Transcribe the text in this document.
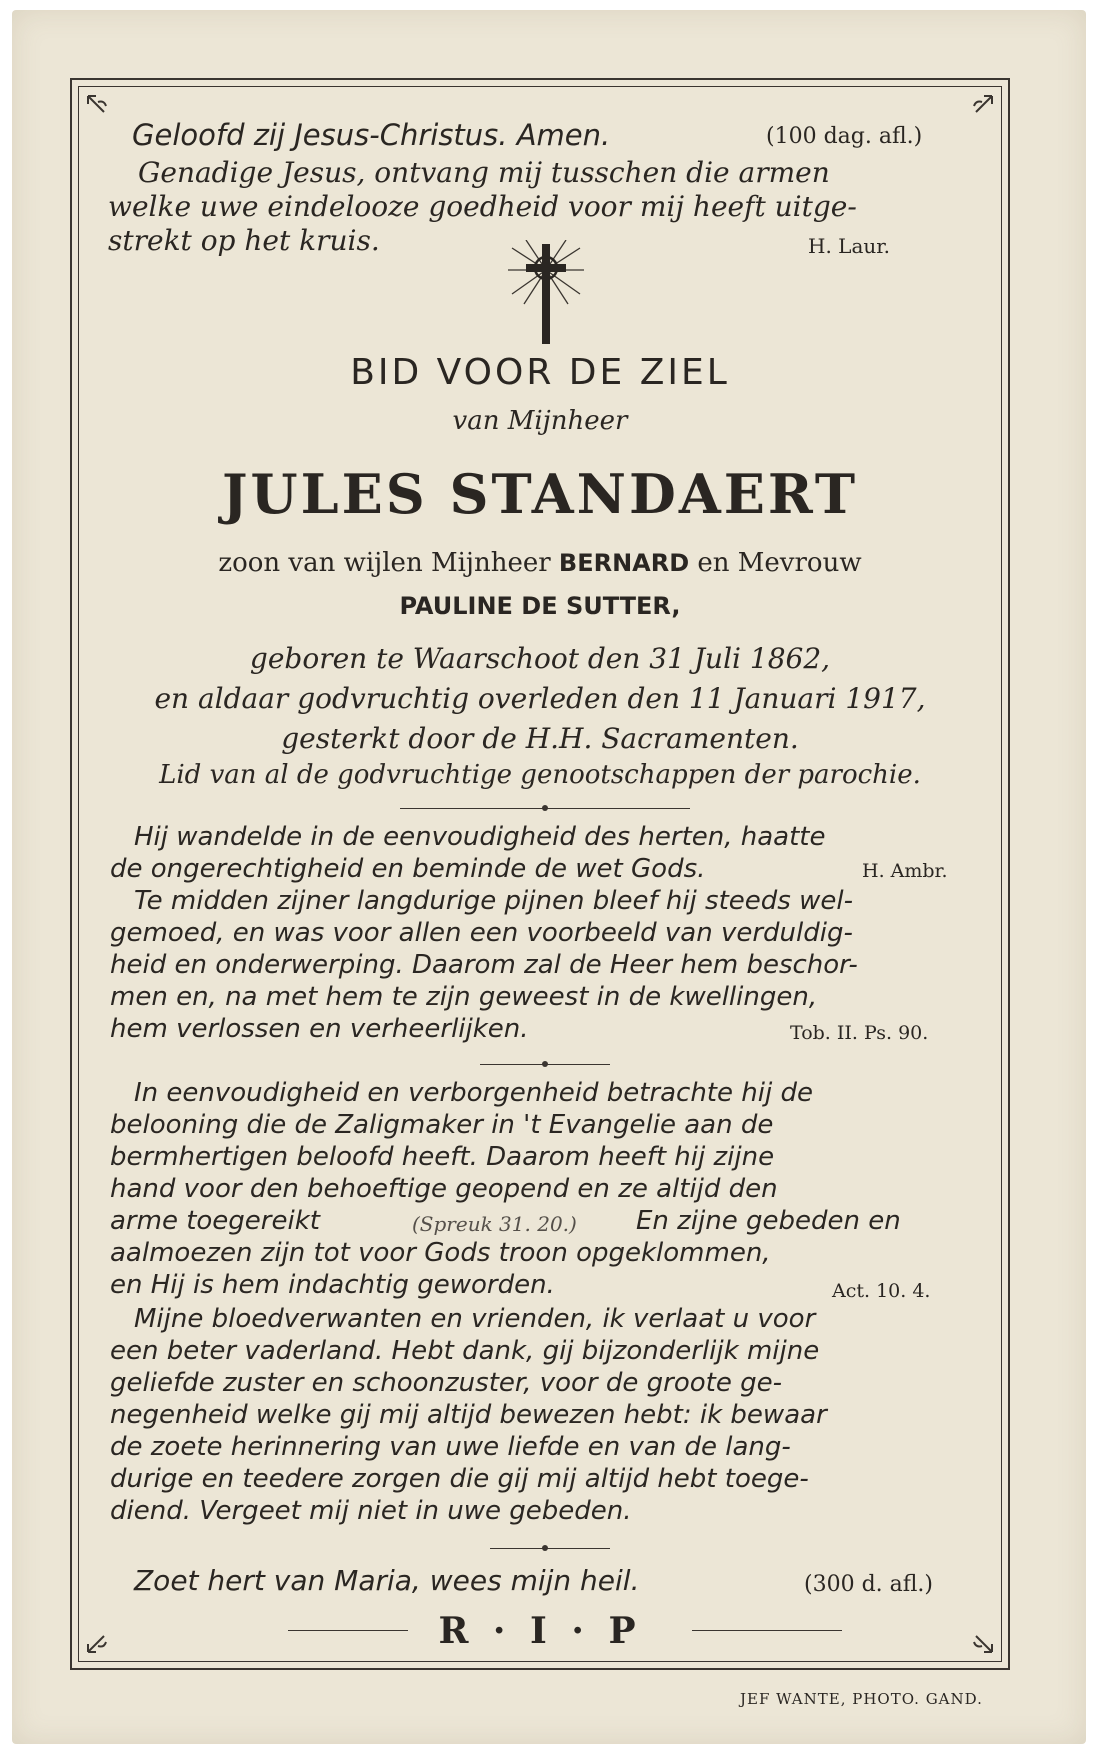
Geloofd zij Jesus-Christus. Amen.	(100 dag. afl.)
Genadige Jesus, ontvang mij tusschen die armen
welke uwe eindelooze goedheid voor mij heeft uitge-
strekt op het kruis.	H. Laur.
BID VOOR DE ZIEL
van Mijnheer
JULES STANDAERT
zoon van wijlen Mijnheer BERNARD en Mevrouw
PAULINE DE SUTTER,
geboren te Waarschoot den 31 Juli 1862,
en aldaar godvruchtig overleden den 11 Januari 1917,
gesterkt door de H.H. Sacramenten.
Lid van al de godvruchtige genootschappen der parochie.
Hij wandelde in de eenvoudigheid des herten, haatte
de ongerechtigheid en beminde de wet Gods.	H. Ambr.
Te midden zijner langdurige pijnen bleef hij steeds wel-
gemoed, en was voor allen een voorbeeld van verduldig-
heid en onderwerping. Daarom zal de Heer hem beschor-
men en, na met hem te zijn geweest in de kwellingen,
hem verlossen en verheerlijken.	Tob. II. Ps. 90.
In eenvoudigheid en verborgenheid betrachte hij de
belooning die de Zaligmaker in 't Evangelie aan de
bermhertigen beloofd heeft. Daarom heeft hij zijne
hand voor den behoeftige geopend en ze altijd den
arme toegereikt	(Spreuk 31. 20.) En zijne gebeden en
aalmoezen zijn tot voor Gods troon opgeklommen,
en Hij is hem indachtig geworden.	Act. 10. 4.
Mijne bloedverwanten en vrienden, ik verlaat u voor
een beter vaderland. Hebt dank, gij bijzonderlijk mijne
geliefde zuster en schoonzuster, voor de groote ge-
negenheid welke gij mij altijd bewezen hebt: ik bewaar
de zoete herinnering van uwe liefde en van de lang-
durige en teedere zorgen die gij mij altijd hebt toege-
diend. Vergeet mij niet in uwe gebeden.
Zoet hert van Maria, wees mijn heil.	(300 d. afl.)
R · I · P
JEF WANTE, PHOTO. GAND.
